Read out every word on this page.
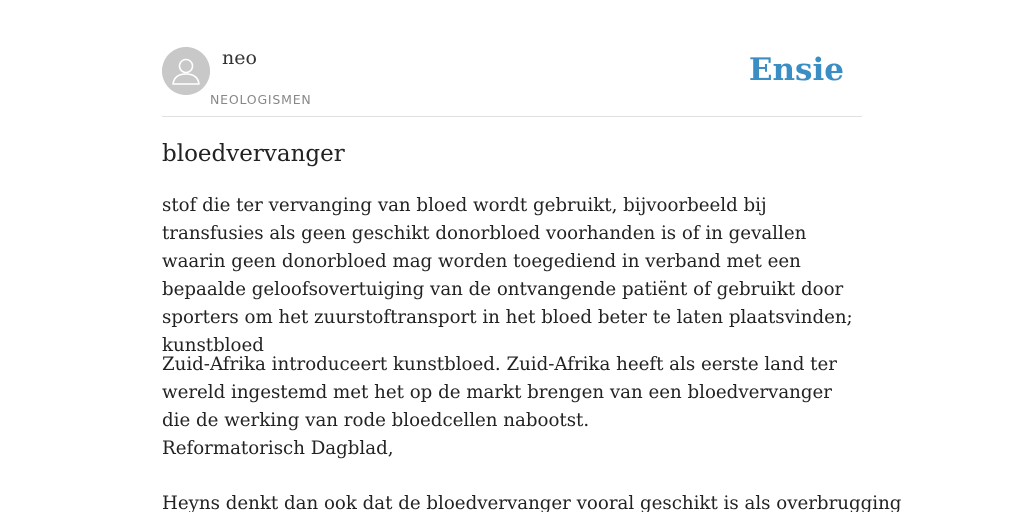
neo
NEOLOGISMEN
Ensie
bloedvervanger

stof die ter vervanging van bloed wordt gebruikt, bijvoorbeeld bij transfusies als geen geschikt donorbloed voorhanden is of in gevallen waarin geen donorbloed mag worden toegediend in verband met een bepaalde geloofsovertuiging van de ontvangende patiënt of gebruikt door sporters om het zuurstoftransport in het bloed beter te laten plaatsvinden; kunstbloed

Zuid-Afrika introduceert kunstbloed. Zuid-Afrika heeft als eerste land ter wereld ingestemd met het op de markt brengen van een bloedvervanger die de werking van rode bloedcellen nabootst.
Reformatorisch Dagblad,
Heyns denkt dan ook dat de bloedvervanger vooral geschikt is als overbrugging
